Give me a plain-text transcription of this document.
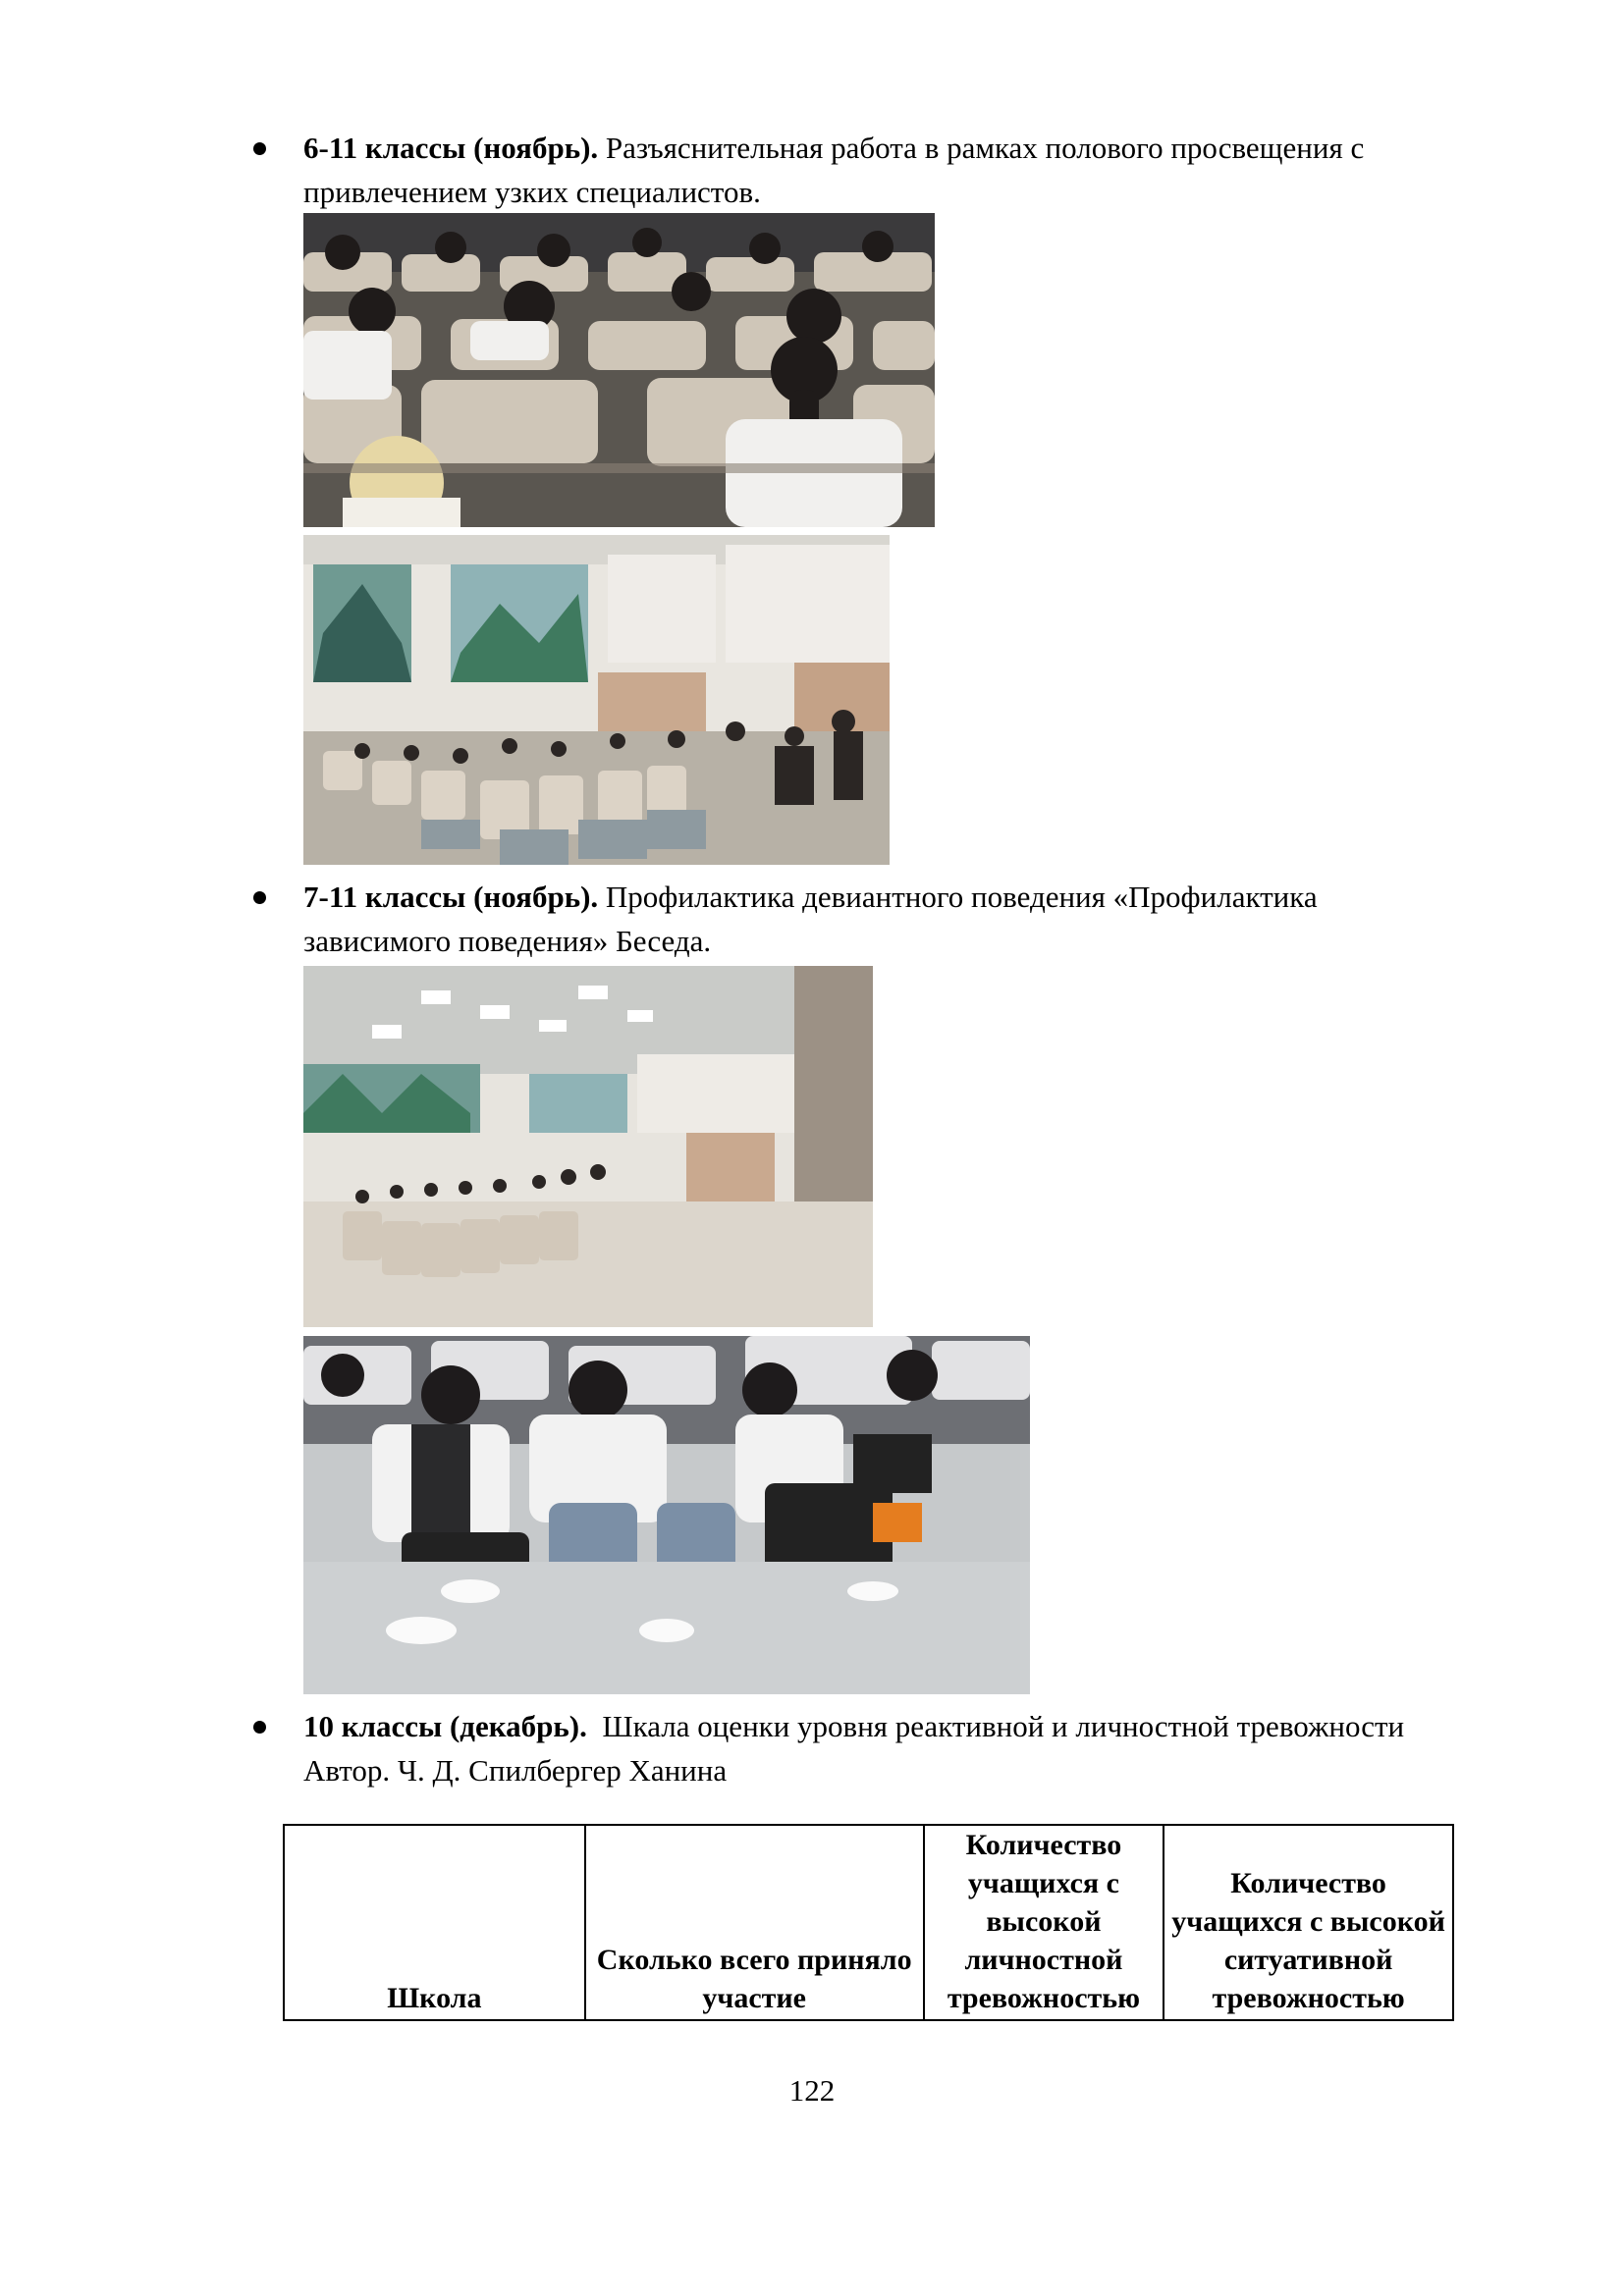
6-11 классы (ноябрь). Разъяснительная работа в рамках полового просвещения с
привлечением узких специалистов.
7-11 классы (ноябрь). Профилактика девиантного поведения «Профилактика
зависимого поведения» Беседа.
10 классы (декабрь).  Шкала оценки уровня реактивной и личностной тревожности
Автор. Ч. Д. Спилбергер Ханина
Школа	Сколько всего приняло участие	Количество учащихся с высокой личностной тревожностью	Количество учащихся с высокой ситуативной тревожностью
122
